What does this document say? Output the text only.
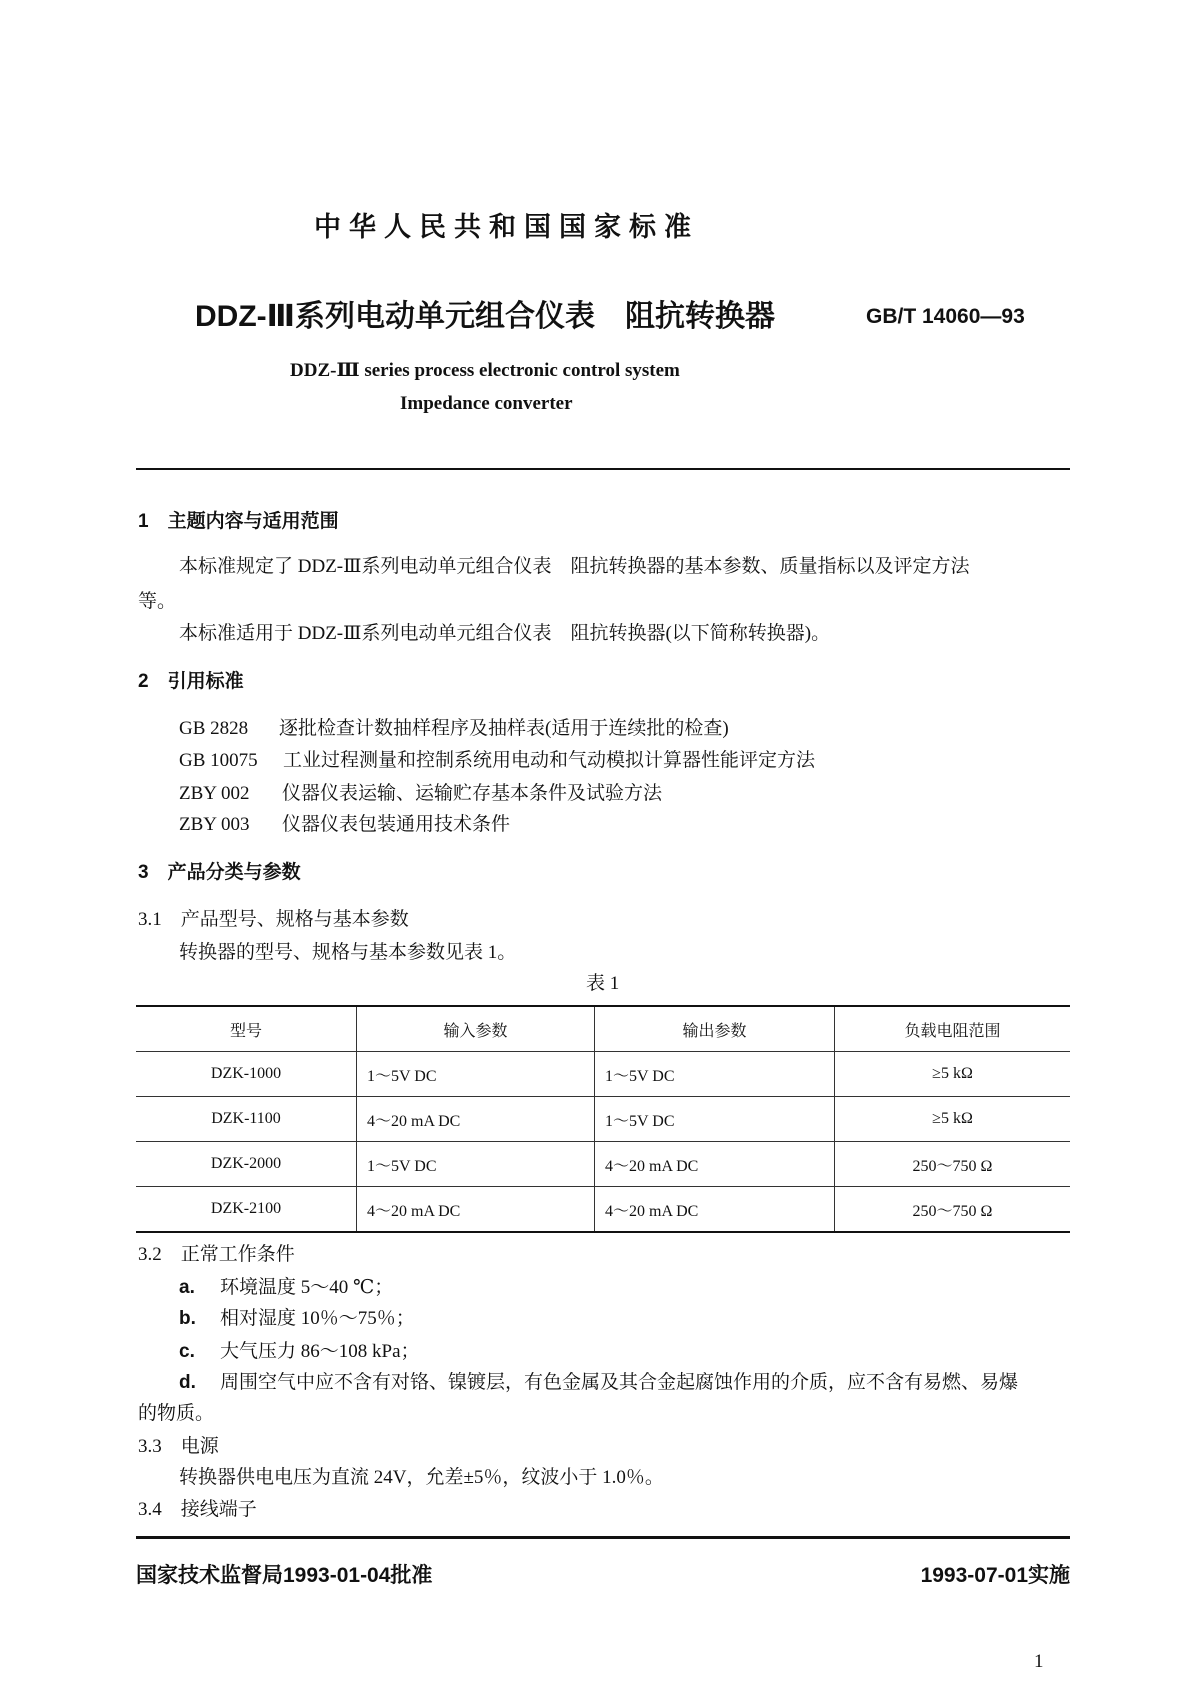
中华人民共和国国家标准
DDZ-Ⅲ系列电动单元组合仪表　阻抗转换器	GB/T 14060—93
DDZ-Ⅲ series process electronic control system
Impedance converter
1　主题内容与适用范围
本标准规定了 DDZ-Ⅲ系列电动单元组合仪表　阻抗转换器的基本参数、质量指标以及评定方法
等。
本标准适用于 DDZ-Ⅲ系列电动单元组合仪表　阻抗转换器(以下简称转换器)。
2　引用标准
GB 2828 逐批检查计数抽样程序及抽样表(适用于连续批的检查)
GB 10075 工业过程测量和控制系统用电动和气动模拟计算器性能评定方法
ZBY 002 仪器仪表运输、运输贮存基本条件及试验方法
ZBY 003 仪器仪表包装通用技术条件
3　产品分类与参数
3.1　产品型号、规格与基本参数
转换器的型号、规格与基本参数见表 1。
表 1
型号	输入参数	输出参数	负载电阻范围
DZK-1000	1～5V DC	1～5V DC	≥5 kΩ
DZK-1100	4～20 mA DC	1～5V DC	≥5 kΩ
DZK-2000	1～5V DC	4～20 mA DC	250～750 Ω
DZK-2100	4～20 mA DC	4～20 mA DC	250～750 Ω
3.2　正常工作条件
a. 环境温度 5～40 ℃；
b. 相对湿度 10％～75％；
c. 大气压力 86～108 kPa；
d. 周围空气中应不含有对铬、镍镀层，有色金属及其合金起腐蚀作用的介质，应不含有易燃、易爆
的物质。
3.3　电源
转换器供电电压为直流 24V，允差±5％，纹波小于 1.0％。
3.4　接线端子
国家技术监督局1993-01-04批准	1993-07-01实施
1
